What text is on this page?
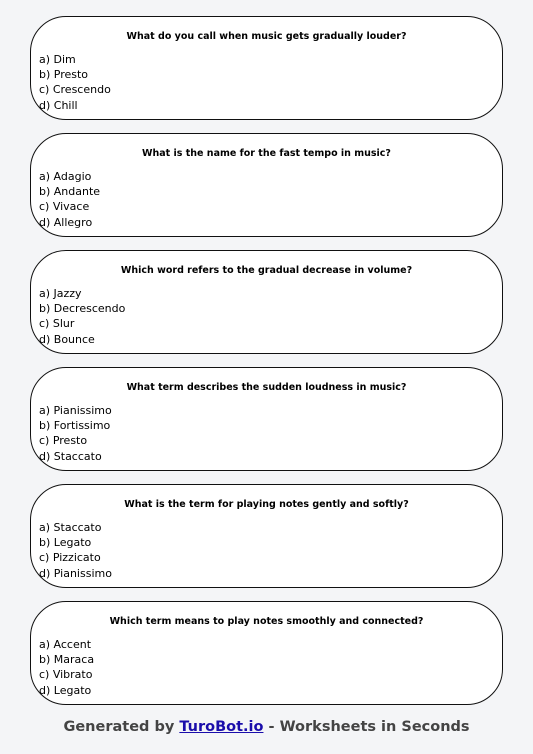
What do you call when music gets gradually louder?

a) Dim
b) Presto
c) Crescendo
d) Chill

What is the name for the fast tempo in music?

a) Adagio
b) Andante
c) Vivace
d) Allegro

Which word refers to the gradual decrease in volume?

a) Jazzy
b) Decrescendo
c) Slur
d) Bounce

What term describes the sudden loudness in music?

a) Pianissimo
b) Fortissimo
c) Presto
d) Staccato

What is the term for playing notes gently and softly?

a) Staccato
b) Legato
c) Pizzicato
d) Pianissimo

Which term means to play notes smoothly and connected?

a) Accent
b) Maraca
c) Vibrato
d) Legato
Generated by TuroBot.io - Worksheets in Seconds
